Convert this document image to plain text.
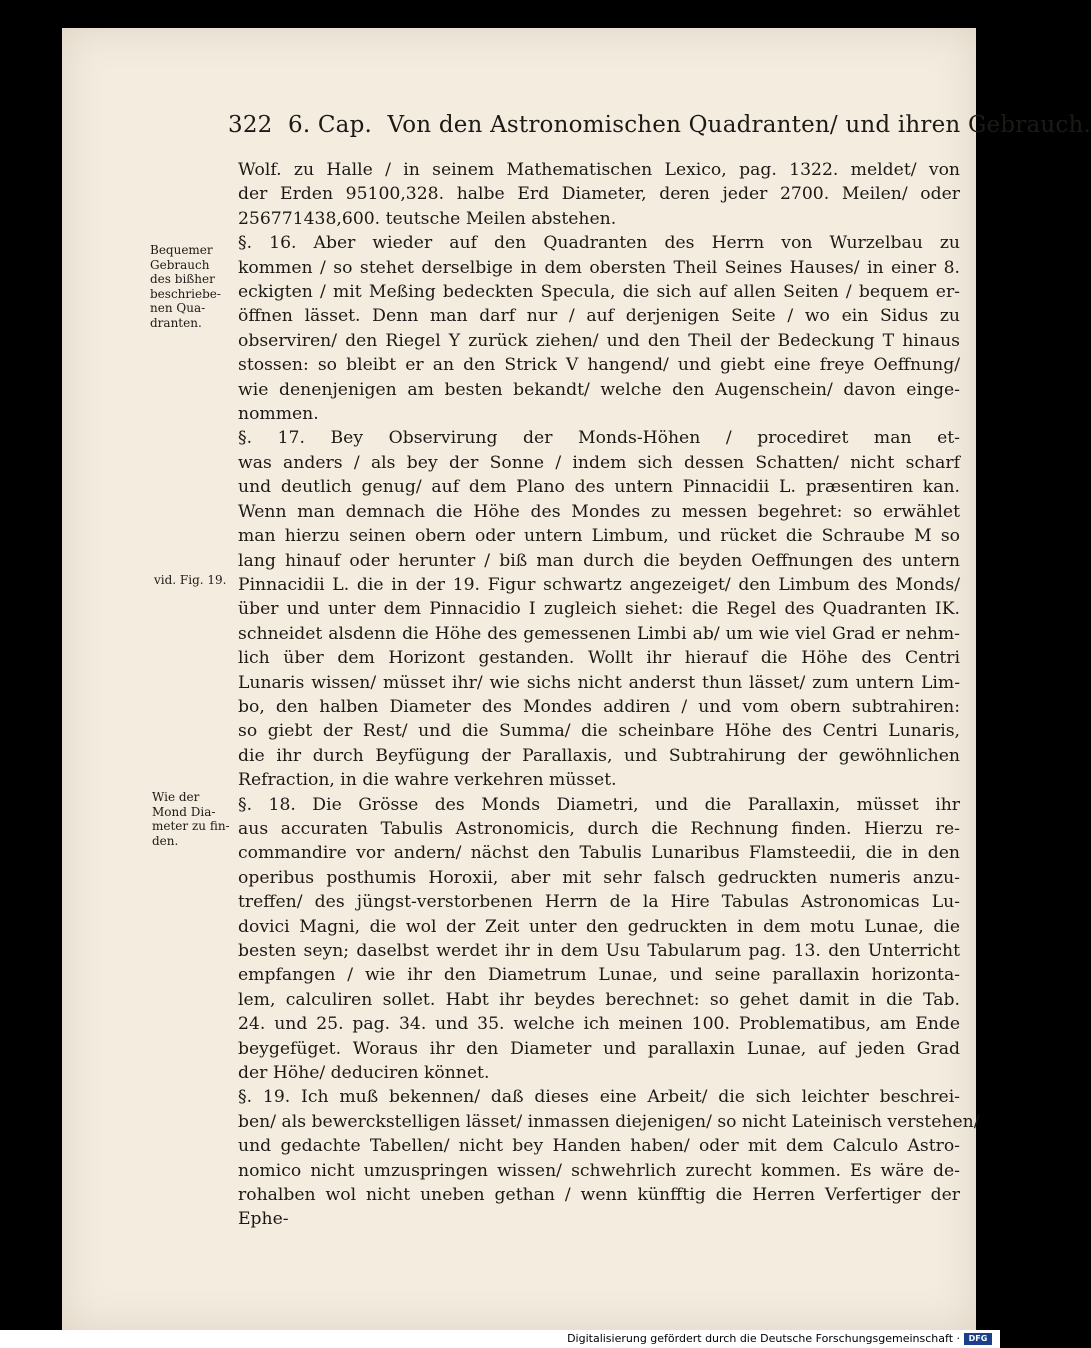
322 6. Cap. Von den Astronomischen Quadranten/ und ihren Gebrauch.
Bequemer
Gebrauch
des bißher
beschriebe-
nen Qua-
dranten.
vid. Fig. 19.
Wie der
Mond Dia-
meter zu fin-
den.
Wolf. zu Halle / in seinem Mathematischen Lexico, pag. 1322. meldet/ von
der Erden 95100,328. halbe Erd Diameter, deren jeder 2700. Meilen/ oder
256771438,600. teutsche Meilen abstehen.
§. 16. Aber wieder auf den Quadranten des Herrn von Wurzelbau zu
kommen / so stehet derselbige in dem obersten Theil Seines Hauses/ in einer 8.
eckigten / mit Meßing bedeckten Specula, die sich auf allen Seiten / bequem er-
öffnen lässet. Denn man darf nur / auf derjenigen Seite / wo ein Sidus zu
observiren/ den Riegel Y zurück ziehen/ und den Theil der Bedeckung T hinaus
stossen: so bleibt er an den Strick V hangend/ und giebt eine freye Oeffnung/
wie denenjenigen am besten bekandt/ welche den Augenschein/ davon einge-
nommen.
§. 17. Bey Observirung der Monds-Höhen / procediret man et-
was anders / als bey der Sonne / indem sich dessen Schatten/ nicht scharf
und deutlich genug/ auf dem Plano des untern Pinnacidii L. præsentiren kan.
Wenn man demnach die Höhe des Mondes zu messen begehret: so erwählet
man hierzu seinen obern oder untern Limbum, und rücket die Schraube M so
lang hinauf oder herunter / biß man durch die beyden Oeffnungen des untern
Pinnacidii L. die in der 19. Figur schwartz angezeiget/ den Limbum des Monds/
über und unter dem Pinnacidio I zugleich siehet: die Regel des Quadranten IK.
schneidet alsdenn die Höhe des gemessenen Limbi ab/ um wie viel Grad er nehm-
lich über dem Horizont gestanden. Wollt ihr hierauf die Höhe des Centri
Lunaris wissen/ müsset ihr/ wie sichs nicht anderst thun lässet/ zum untern Lim-
bo, den halben Diameter des Mondes addiren / und vom obern subtrahiren:
so giebt der Rest/ und die Summa/ die scheinbare Höhe des Centri Lunaris,
die ihr durch Beyfügung der Parallaxis, und Subtrahirung der gewöhnlichen
Refraction, in die wahre verkehren müsset.
§. 18. Die Grösse des Monds Diametri, und die Parallaxin, müsset ihr
aus accuraten Tabulis Astronomicis, durch die Rechnung finden. Hierzu re-
commandire vor andern/ nächst den Tabulis Lunaribus Flamsteedii, die in den
operibus posthumis Horoxii, aber mit sehr falsch gedruckten numeris anzu-
treffen/ des jüngst-verstorbenen Herrn de la Hire Tabulas Astronomicas Lu-
dovici Magni, die wol der Zeit unter den gedruckten in dem motu Lunae, die
besten seyn; daselbst werdet ihr in dem Usu Tabularum pag. 13. den Unterricht
empfangen / wie ihr den Diametrum Lunae, und seine parallaxin horizonta-
lem, calculiren sollet. Habt ihr beydes berechnet: so gehet damit in die Tab.
24. und 25. pag. 34. und 35. welche ich meinen 100. Problematibus, am Ende
beygefüget. Woraus ihr den Diameter und parallaxin Lunae, auf jeden Grad
der Höhe/ deduciren könnet.
§. 19. Ich muß bekennen/ daß dieses eine Arbeit/ die sich leichter beschrei-
ben/ als bewerckstelligen lässet/ inmassen diejenigen/ so nicht Lateinisch verstehen/
und gedachte Tabellen/ nicht bey Handen haben/ oder mit dem Calculo Astro-
nomico nicht umzuspringen wissen/ schwehrlich zurecht kommen. Es wäre de-
rohalben wol nicht uneben gethan / wenn künfftig die Herren Verfertiger der
Ephe-
Digitalisierung gefördert durch die Deutsche Forschungsgemeinschaft ·	DFG
